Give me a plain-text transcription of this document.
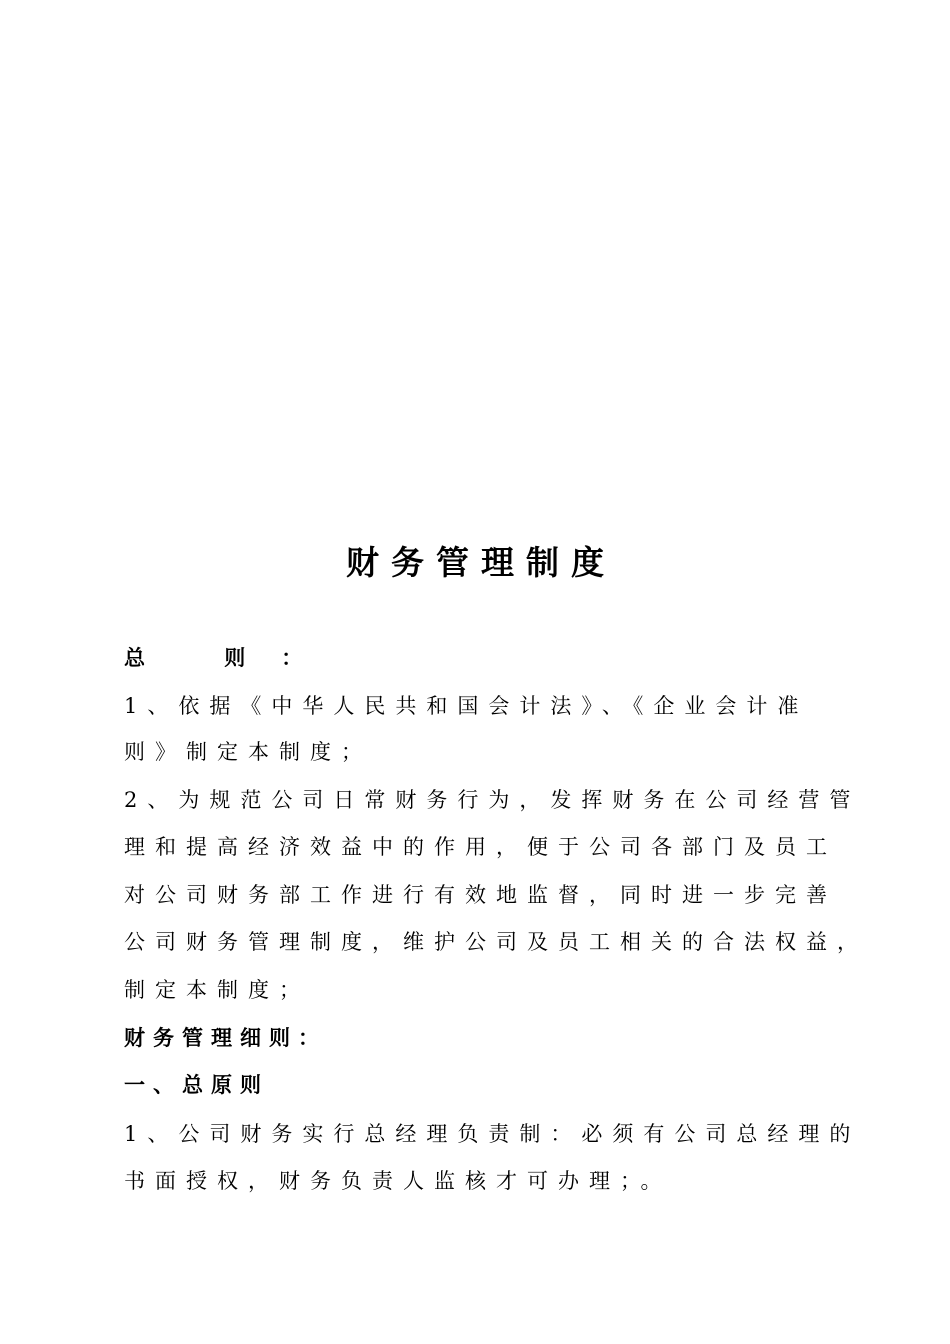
财务管理制度
总 则：
1、依据《中华人民共和国会计法》、《企业会计准
则》制定本制度；
2、为规范公司日常财务行为，发挥财务在公司经营管
理和提高经济效益中的作用，便于公司各部门及员工
对公司财务部工作进行有效地监督，同时进一步完善
公司财务管理制度，维护公司及员工相关的合法权益，
制定本制度；
财务管理细则：
一、总原则
1、公司财务实行总经理负责制：必须有公司总经理的
书面授权，财务负责人监核才可办理；。
